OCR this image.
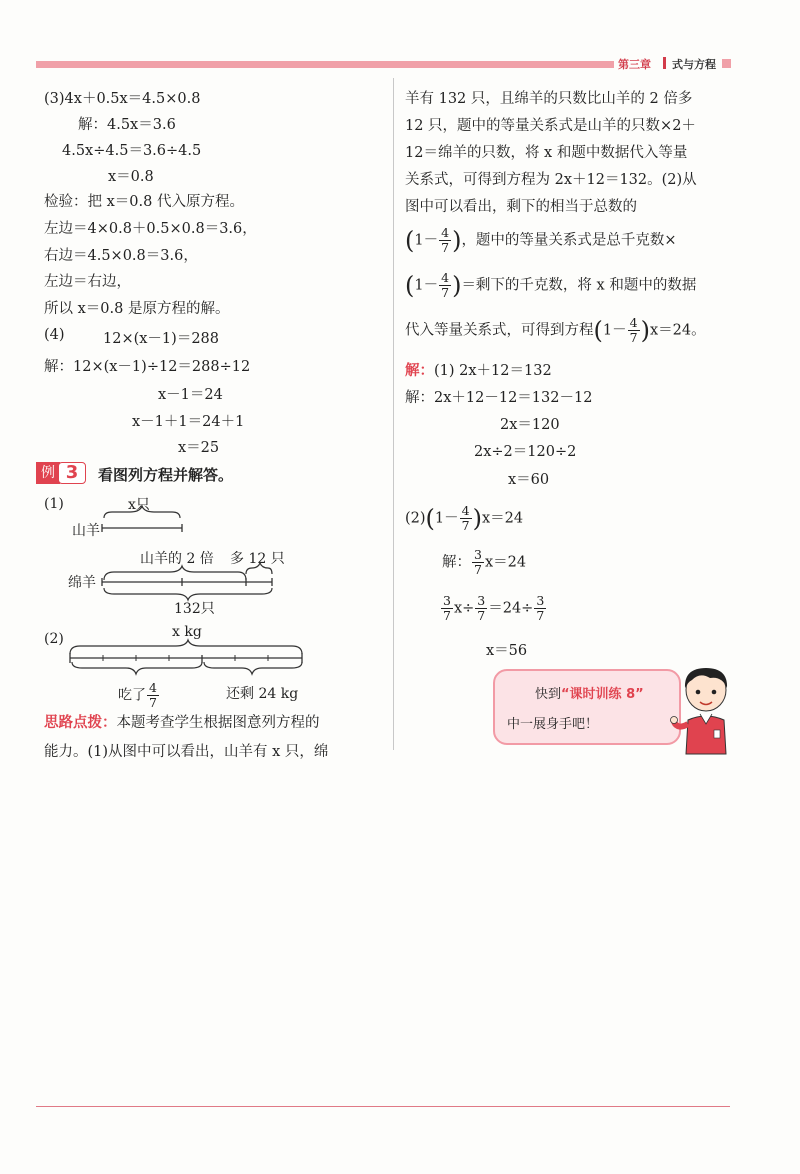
第三章 式与方程
(3)4x＋0.5x＝4.5×0.8
解：4.5x＝3.6
4.5x÷4.5＝3.6÷4.5
x＝0.8
检验：把 x＝0.8 代入原方程。
左边＝4×0.8＋0.5×0.8＝3.6，
右边＝4.5×0.8＝3.6，
左边＝右边，
所以 x＝0.8 是原方程的解。
(4)	12×(x－1)＝288
解：12×(x－1)÷12＝288÷12
x－1＝24
x－1＋1＝24＋1
x＝25
例 3	看图列方程并解答。
(1)	x只
山羊
山羊的 2 倍 多 12 只
绵羊
132只
(2)	x kg
吃了 $\frac{4}{7}$	还剩 24 kg
思路点拨：本题考查学生根据图意列方程的
能力。(1)从图中可以看出，山羊有 x 只，绵
羊有 132 只，且绵羊的只数比山羊的 2 倍多
12 只，题中的等量关系式是山羊的只数×2＋
12＝绵羊的只数，将 x 和题中数据代入等量
关系式，可得到方程为 2x＋12＝132。(2)从
图中可以看出，剩下的相当于总数的
($1- \frac{4}{7}$ )，题中的等量关系式是总千克数×
($1- \frac{4}{7}$ )＝剩下的千克数，将 x 和题中的数据
代入等量关系式，可得到方程$(1- \frac{4}{7} )x=24$。
解：(1) 2x＋12＝132
解：2x＋12－12＝132－12
2x＝120
2x÷2＝120÷2
x＝60
$(2)(1- \frac{4}{7} )x=24$
解： $\frac{3}{7} x=24$
$\frac{3}{7} x\div \frac{3}{7} =24\div \frac{3}{7}$
x＝56
快到“课时训练 8”
中一展身手吧！
